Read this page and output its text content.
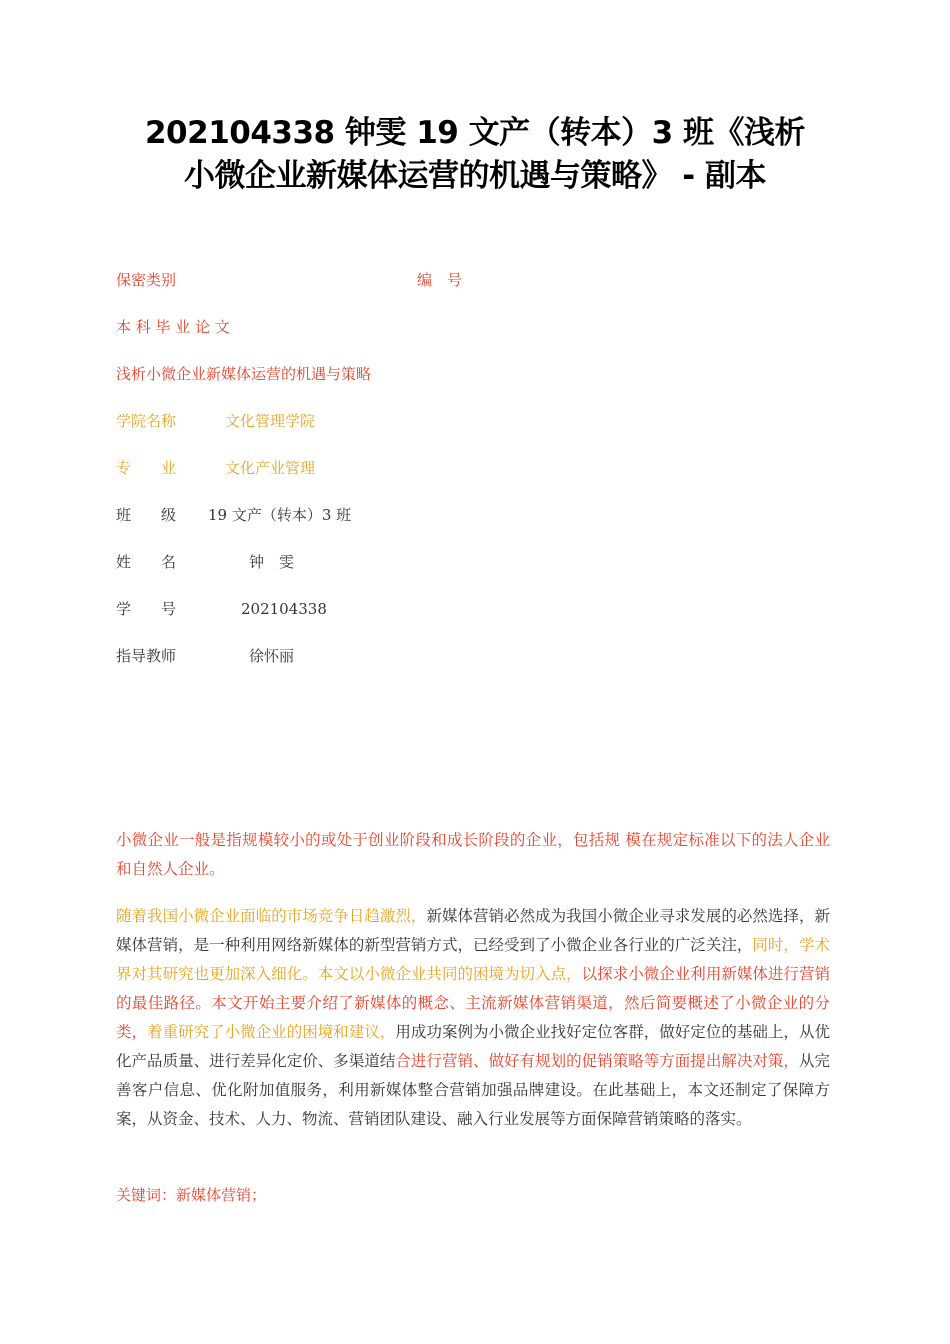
202104338 钟雯 19 文产（转本）3 班《浅析
小微企业新媒体运营的机遇与策略》 - 副本
保密类别	编　号
本 科 毕 业 论 文
浅析小微企业新媒体运营的机遇与策略
学院名称	文化管理学院
专　　业	文化产业管理
班　　级 19 文产（转本）3 班
姓　　名	钟　雯
学　　号	202104338
指导教师	徐怀丽
小微企业一般是指规模较小的或处于创业阶段和成长阶段的企业，包括规 模在规定标准以下的法人企业和自然人企业。
随着我国小微企业面临的市场竞争日趋激烈，新媒体营销必然成为我国小微企业寻求发展的必然选择，新媒体营销，是一种利用网络新媒体的新型营销方式，已经受到了小微企业各行业的广泛关注，同时，学术界对其研究也更加深入细化。本文以小微企业共同的困境为切入点，以探求小微企业利用新媒体进行营销的最佳路径。本文开始主要介绍了新媒体的概念、主流新媒体营销渠道，然后简要概述了小微企业的分类，着重研究了小微企业的困境和建议，用成功案例为小微企业找好定位客群，做好定位的基础上，从优化产品质量、进行差异化定价、多渠道结合进行营销、做好有规划的促销策略等方面提出解决对策，从完善客户信息、优化附加值服务，利用新媒体整合营销加强品牌建设。在此基础上，本文还制定了保障方案，从资金、技术、人力、物流、营销团队建设、融入行业发展等方面保障营销策略的落实。
关键词：新媒体营销；
